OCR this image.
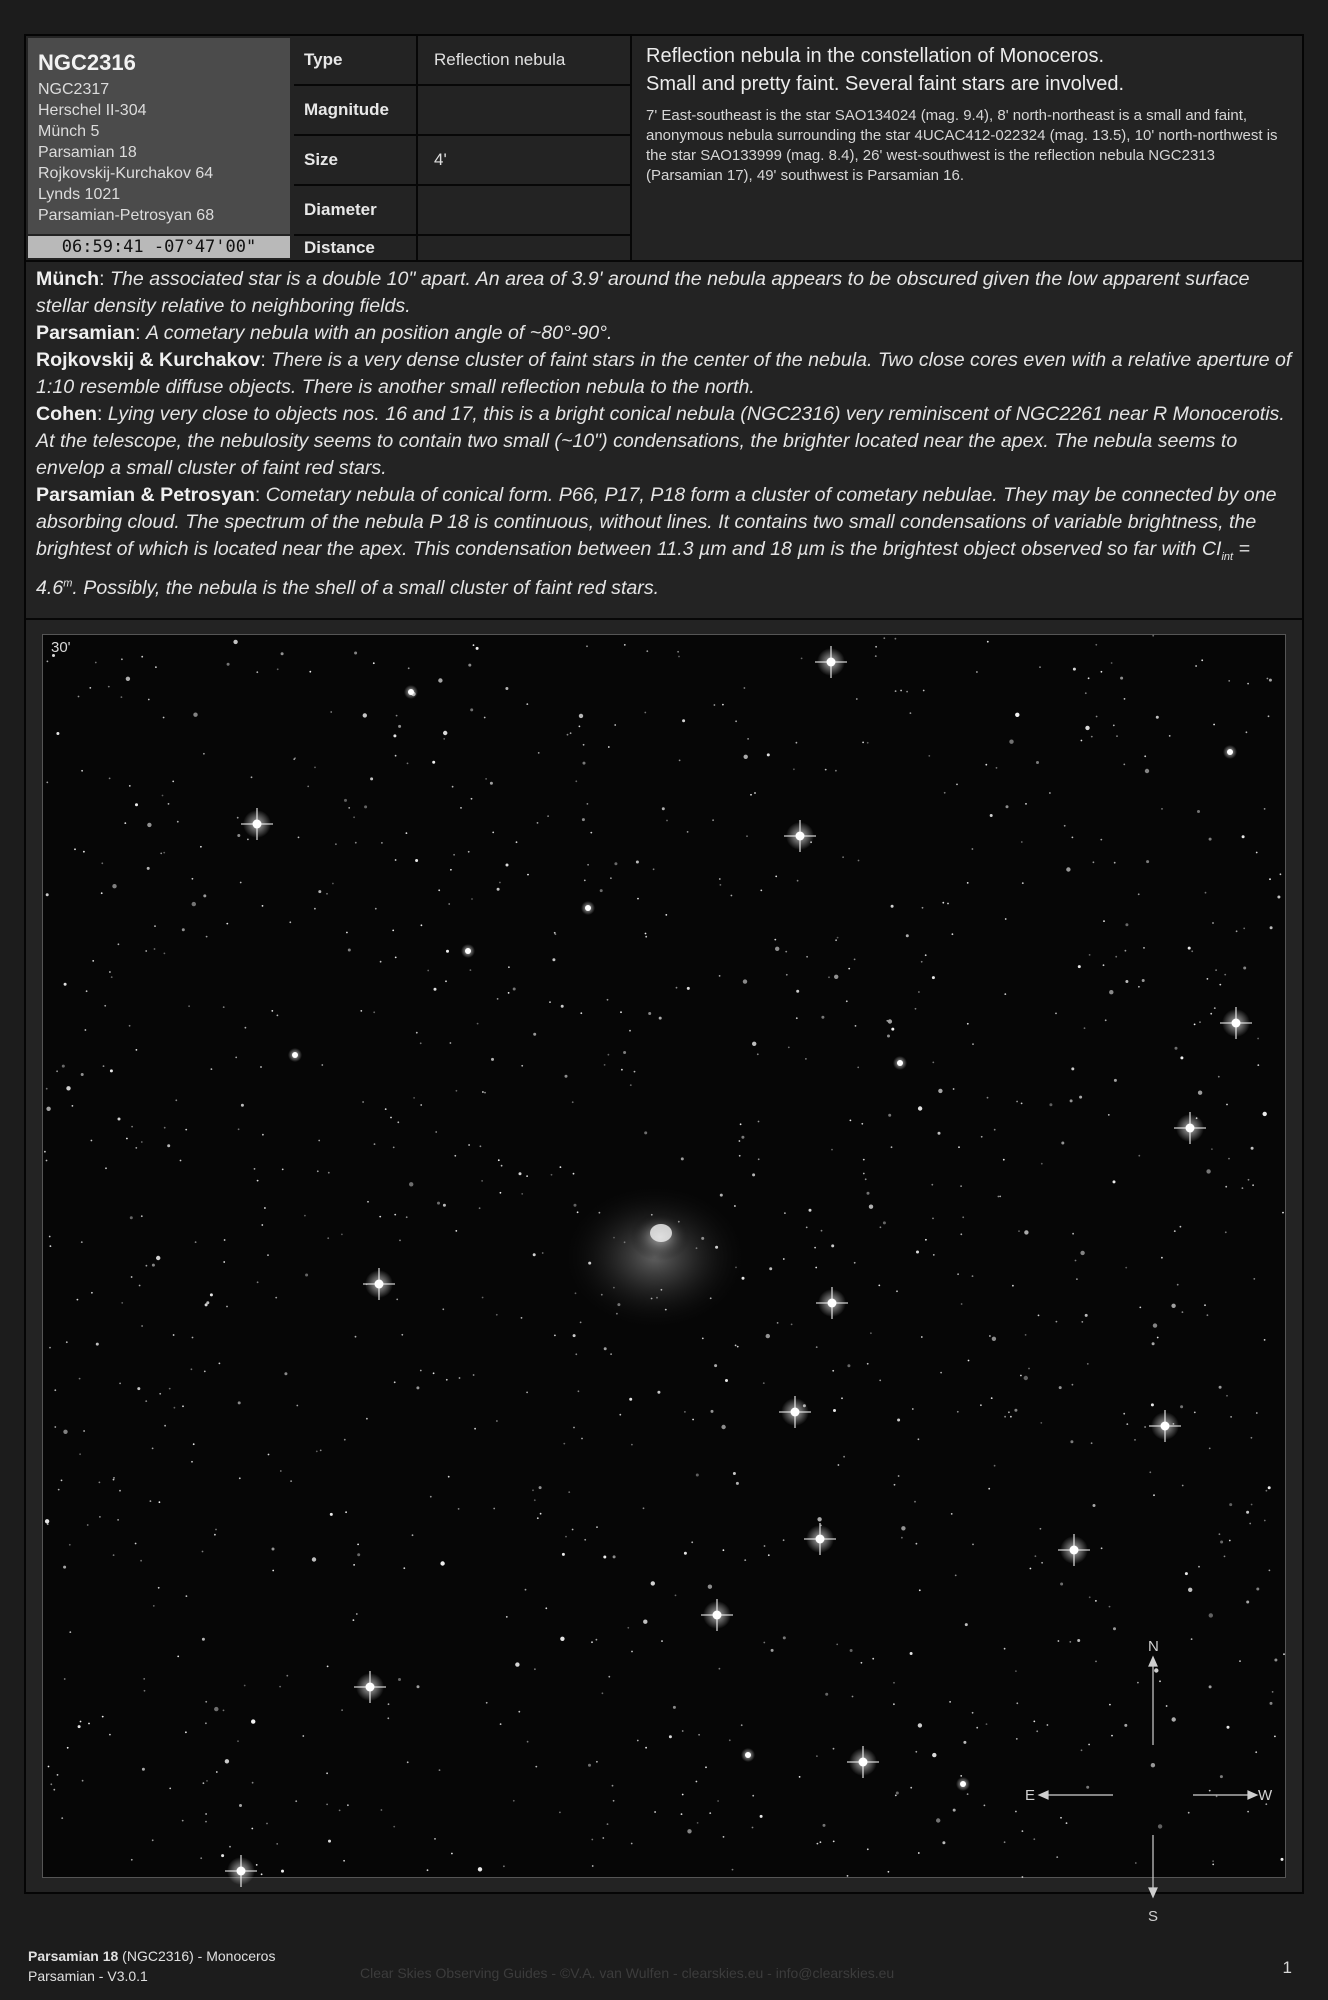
NGC2316
NGC2317
Herschel II-304
Münch 5
Parsamian 18
Rojkovskij-Kurchakov 64
Lynds 1021
Parsamian-Petrosyan 68
06:59:41 -07°47'00"
Type	Reflection nebula
Magnitude
Size	4'
Diameter
Distance

Reflection nebula in the constellation of Monoceros.

Small and pretty faint. Several faint stars are involved.

7' East-southeast is the star SAO134024 (mag. 9.4), 8' north-northeast is a small and faint, anonymous nebula surrounding the star 4UCAC412-022324 (mag. 13.5), 10' north-northwest is the star SAO133999 (mag. 8.4), 26' west-southwest is the reflection nebula NGC2313 (Parsamian 17), 49' southwest is Parsamian 16.

Münch: The associated star is a double 10" apart. An area of 3.9' around the nebula appears to be obscured given the low apparent surface stellar density relative to neighboring fields.

Parsamian: A cometary nebula with an position angle of ~80°-90°.

Rojkovskij & Kurchakov: There is a very dense cluster of faint stars in the center of the nebula. Two close cores even with a relative aperture of 1:10 resemble diffuse objects. There is another small reflection nebula to the north.

Cohen: Lying very close to objects nos. 16 and 17, this is a bright conical nebula (NGC2316) very reminiscent of NGC2261 near R Monocerotis. At the telescope, the nebulosity seems to contain two small (~10") condensations, the brighter located near the apex. The nebula seems to envelop a small cluster of faint red stars.

Parsamian & Petrosyan: Cometary nebula of conical form. P66, P17, P18 form a cluster of cometary nebulae. They may be connected by one absorbing cloud. The spectrum of the nebula P 18 is continuous, without lines. It contains two small condensations of variable brightness, the brightest of which is located near the apex. This condensation between 11.3 µm and 18 µm is the brightest object observed so far with $CI_{int} = 4.6^m$. Possibly, the nebula is the shell of a small cluster of faint red stars.

N
S
E	W
30'
Parsamian 18 (NGC2316) - Monoceros
Parsamian - V3.0.1	Clear Skies Observing Guides - ©V.A. van Wulfen - clearskies.eu - info@clearskies.eu	1
